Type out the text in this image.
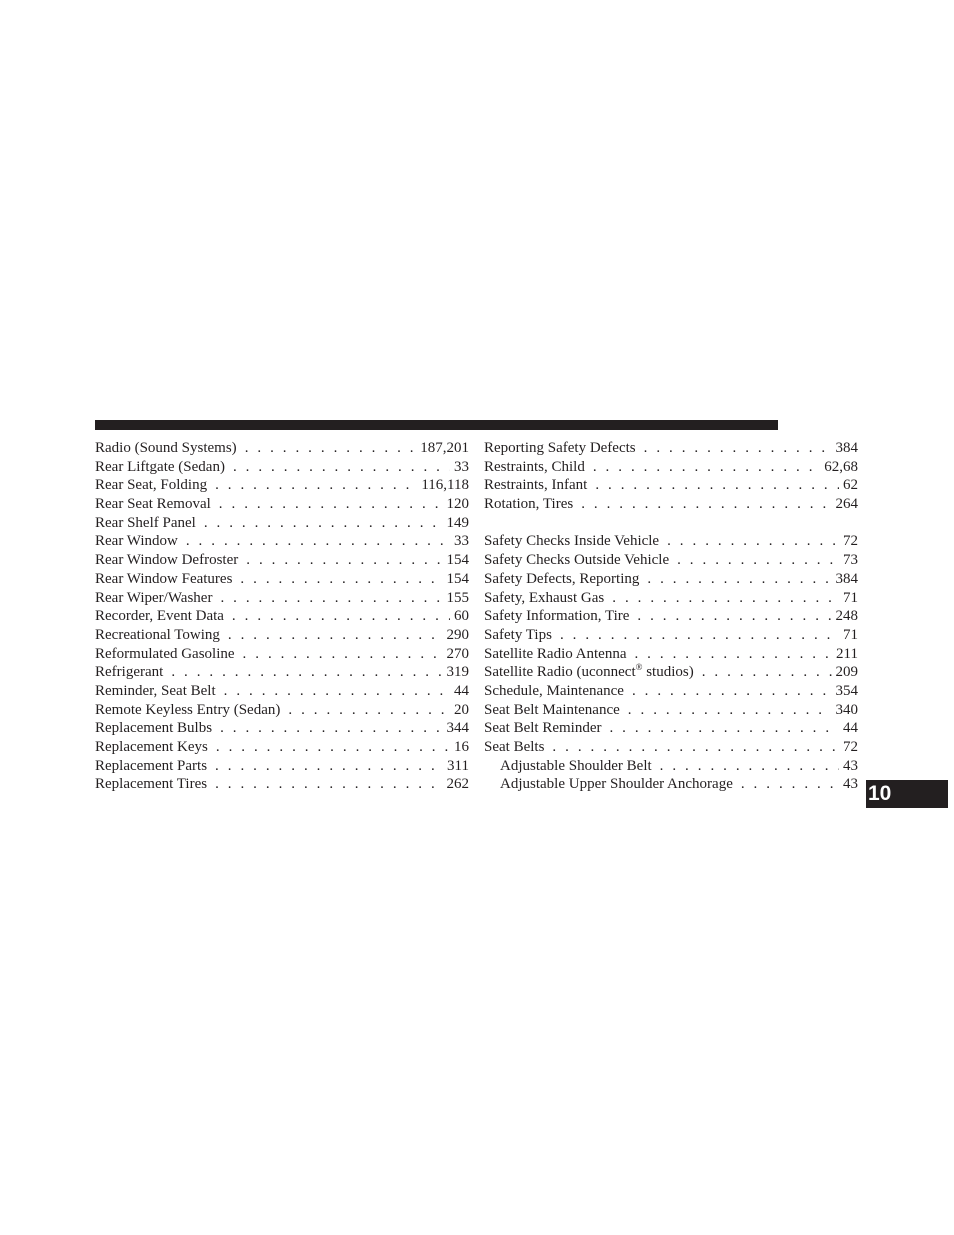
Radio (Sound Systems) . . .	187,201
Rear Liftgate (Sedan) . . .	33
Rear Seat, Folding . . .	116,118
Rear Seat Removal . . .	120
Rear Shelf Panel . . .	149
Rear Window . . .	33
Rear Window Defroster . . .	154
Rear Window Features . . .	154
Rear Wiper/Washer . . .	155
Recorder, Event Data . . .	60
Recreational Towing . . .	290
Reformulated Gasoline . . .	270
Refrigerant . . .	319
Reminder, Seat Belt . . .	44
Remote Keyless Entry (Sedan) . . .	20
Replacement Bulbs . . .	344
Replacement Keys . . .	16
Replacement Parts . . .	311
Replacement Tires . . .	262
Reporting Safety Defects . . .	384
Restraints, Child . . .	62,68
Restraints, Infant . . .	62
Rotation, Tires . . .	264
Safety Checks Inside Vehicle . . .	72
Safety Checks Outside Vehicle . . .	73
Safety Defects, Reporting . . .	384
Safety, Exhaust Gas . . .	71
Safety Information, Tire . . .	248
Safety Tips . . .	71
Satellite Radio Antenna . . .	211
Satellite Radio (uconnect® studios) . . .	209
Schedule, Maintenance . . .	354
Seat Belt Maintenance . . .	340
Seat Belt Reminder . . .	44
Seat Belts . . .	72
Adjustable Shoulder Belt . . .	43
Adjustable Upper Shoulder Anchorage . . .	43 10
